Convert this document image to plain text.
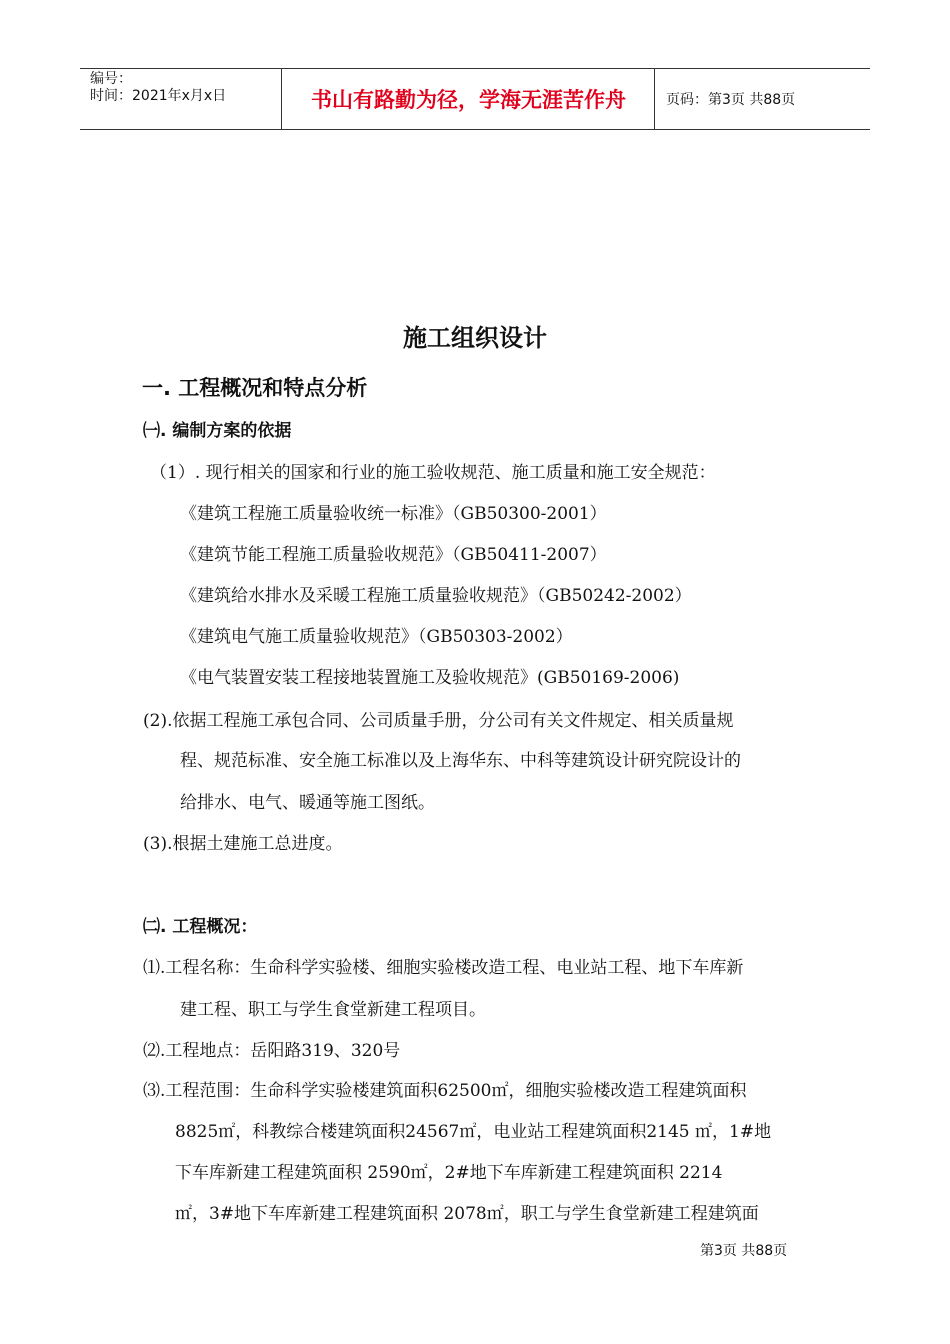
编号：
时间：2021年x月x日	书山有路勤为径，学海无涯苦作舟	页码：第3页 共88页
施工组织设计
一. 工程概况和特点分析
㈠. 编制方案的依据
（1）. 现行相关的国家和行业的施工验收规范、施工质量和施工安全规范：
《建筑工程施工质量验收统一标准》（GB50300-2001）
《建筑节能工程施工质量验收规范》（GB50411-2007）
《建筑给水排水及采暖工程施工质量验收规范》（GB50242-2002）
《建筑电气施工质量验收规范》（GB50303-2002）
《电气装置安装工程接地装置施工及验收规范》(GB50169-2006)
(2).依据工程施工承包合同、公司质量手册，分公司有关文件规定、相关质量规
程、规范标准、安全施工标准以及上海华东、中科等建筑设计研究院设计的
给排水、电气、暖通等施工图纸。
(3).根据土建施工总进度。
㈡. 工程概况：
⑴.工程名称：生命科学实验楼、细胞实验楼改造工程、电业站工程、地下车库新
建工程、职工与学生食堂新建工程项目。
⑵.工程地点：岳阳路319、320号
⑶.工程范围：生命科学实验楼建筑面积62500㎡，细胞实验楼改造工程建筑面积
8825㎡，科教综合楼建筑面积24567㎡，电业站工程建筑面积2145 ㎡，1#地
下车库新建工程建筑面积 2590㎡，2#地下车库新建工程建筑面积 2214
㎡，3#地下车库新建工程建筑面积 2078㎡，职工与学生食堂新建工程建筑面
第3页 共88页
